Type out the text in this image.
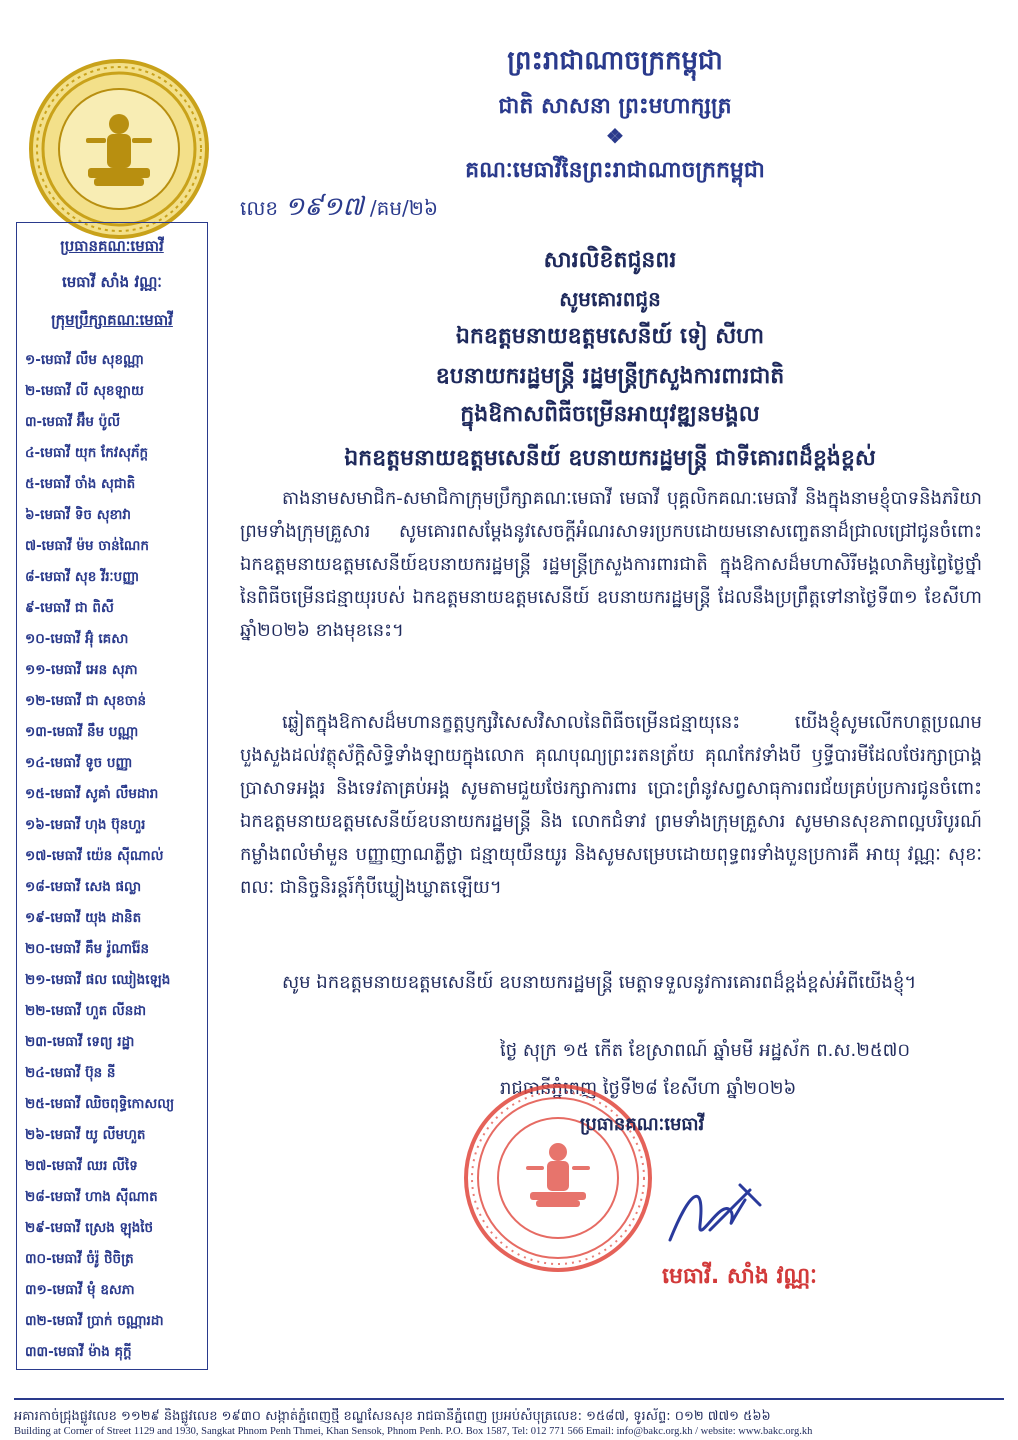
ព្រះរាជាណាចក្រកម្ពុជា
ជាតិ សាសនា ព្រះមហាក្សត្រ
❖
គណៈមេធាវីនៃព្រះរាជាណាចក្រកម្ពុជា
ប្រធានគណៈមេធាវី
មេធាវី សាំង វណ្ណៈ
ក្រុមប្រឹក្សាគណៈមេធាវី
១-មេធាវី លឹម សុខណ្ណា
២-មេធាវី លី សុខឡាយ
៣-មេធាវី អ៊ឹម ប៉ូលី
៤-មេធាវី យុក កែវសុភ័ក្ត
៥-មេធាវី ចាំង សុជាតិ
៦-មេធាវី ទិច សុខាវា
៧-មេធាវី ម៉ម ចាន់ណៃក
៨-មេធាវី សុខ វីរៈបញ្ញា
៩-មេធាវី ជា ពិសី
១០-មេធាវី អ៊ុំ គេសា
១១-មេធាវី អេន សុភា
១២-មេធាវី ជា សុខចាន់
១៣-មេធាវី នឹម បណ្ណា
១៤-មេធាវី ទូច បញ្ញា
១៥-មេធាវី សូគាំ លឹមដារា
១៦-មេធាវី ហុង ប៊ុនហួរ
១៧-មេធាវី យ៉េន ស៊ីណាល់
១៨-មេធាវី សេង ផល្លា
១៩-មេធាវី យុង ដានិត
២០-មេធាវី គឹម រ៉ូណារ៉ែន
២១-មេធាវី ផល ឈៀងឡេង
២២-មេធាវី ហួត លីនដា
២៣-មេធាវី ទេព្យ រដ្ឋា
២៤-មេធាវី ប៊ុន នី
២៥-មេធាវី ឈិចពុទ្ធិកោសល្យ
២៦-មេធាវី យូ លីមហួត
២៧-មេធាវី ឈរ លីទៃ
២៨-មេធាវី ហាង ស៊ីណាត
២៩-មេធាវី ស្រេង ឡុងថៃ
៣០-មេធាវី ចំរ៉ូ ថិចិត្រ
៣១-មេធាវី មុំ ឧសភា
៣២-មេធាវី ប្រាក់ ចណ្ណារដា
៣៣-មេធាវី ម៉ាង គុក្តី
លេខ ១៩១៧ /គម/២៦
សារលិខិតជូនពរ
សូមគោរពជូន
ឯកឧត្តមនាយឧត្តមសេនីយ៍ ទៀ សីហា
ឧបនាយករដ្ឋមន្ត្រី រដ្ឋមន្ត្រីក្រសួងការពារជាតិ
ក្នុងឱកាសពិធីចម្រើនអាយុវឌ្ឍនមង្គល
ឯកឧត្តមនាយឧត្តមសេនីយ៍ ឧបនាយករដ្ឋមន្ត្រី ជាទីគោរពដ៏ខ្ពង់ខ្ពស់

តាងនាមសមាជិក-សមាជិកាក្រុមប្រឹក្សាគណៈមេធាវី មេធាវី បុគ្គលិកគណៈមេធាវី និងក្នុងនាមខ្ញុំបាទនិងភរិយា ព្រមទាំងក្រុមគ្រួសារ សូមគោរពសម្តែងនូវសេចក្តីអំណរសាទរប្រកបដោយមនោសញ្ចេតនាដ៏ជ្រាលជ្រៅជូនចំពោះ ឯកឧត្តមនាយឧត្តមសេនីយ៍ឧបនាយករដ្ឋមន្ត្រី រដ្ឋមន្ត្រីក្រសួងការពារជាតិ ក្នុងឱកាសដ៏មហាសិរីមង្គលាភិម្សព្វៃថ្ងៃថ្នាំនៃពិធីចម្រើនជន្មាយុរបស់ ឯកឧត្តមនាយឧត្តមសេនីយ៍ ឧបនាយករដ្ឋមន្ត្រី ដែលនឹងប្រព្រឹត្តទៅនាថ្ងៃទី៣១ ខែសីហា ឆ្នាំ២០២៦ ខាងមុខនេះ។

ឆ្លៀតក្នុងឱកាសដ៏មហានក្ខត្តប្ញក្សវិសេសវិសាលនៃពិធីចម្រើនជន្មាយុនេះ យើងខ្ញុំសូមលើកហត្ថប្រណមបួងសួងដល់វត្ថុស័ក្តិសិទ្ធិទាំងឡាយក្នុងលោក គុណបុណ្យព្រះរតនត្រ័យ គុណកែវទាំងបី ឫទ្ធីបារមីដែលថែរក្សាប្រាង្គប្រាសាទអង្គរ និងទេវតាគ្រប់អង្គ សូមតាមជួយថែរក្សាការពារ ប្រោះព្រំនូវសព្វសាធុការពរជ័យគ្រប់ប្រការជូនចំពោះ ឯកឧត្តមនាយឧត្តមសេនីយ៍ឧបនាយករដ្ឋមន្ត្រី និង លោកជំទាវ ព្រមទាំងក្រុមគ្រួសារ សូមមានសុខភាពល្អបរិបូរណ៍ កម្លាំងពលំមាំមួន បញ្ញាញាណភ្លឺថ្លា ជន្មាយុយឺនយូរ និងសូមសម្រេបដោយពុទ្ធពរទាំងបួនប្រការគឺ អាយុ វណ្ណៈ សុខៈ ពលៈ ជានិច្ចនិរន្តរ៍កុំបីឃ្លៀងឃ្លាតឡើយ។

សូម ឯកឧត្តមនាយឧត្តមសេនីយ៍ ឧបនាយករដ្ឋមន្ត្រី មេត្តាទទួលនូវការគោរពដ៏ខ្ពង់ខ្ពស់អំពីយើងខ្ញុំ។

ថ្ងៃ សុក្រ ១៥ កើត ខែស្រាពណ៍ ឆ្នាំមមី អដ្ឋស័ក ព.ស.២៥៧០
រាជធានីភ្នំពេញ ថ្ងៃទី២៨ ខែសីហា ឆ្នាំ២០២៦
ប្រធានគណៈមេធាវី
មេធាវី. សាំង វណ្ណៈ
អគារកាច់ជ្រុងផ្លូវលេខ ១១២៩ និងផ្លូវលេខ ១៩៣០ សង្កាត់ភ្នំពេញថ្មី ខណ្ឌសែនសុខ រាជធានីភ្នំពេញ ប្រអប់សំបុត្រលេខ: ១៥៨៧, ទូរស័ព្ទ: ០១២ ៧៧១ ៥៦៦
Building at Corner of Street 1129 and 1930, Sangkat Phnom Penh Thmei, Khan Sensok, Phnom Penh. P.O. Box 1587, Tel: 012 771 566 Email: info@bakc.org.kh / website: www.bakc.org.kh
